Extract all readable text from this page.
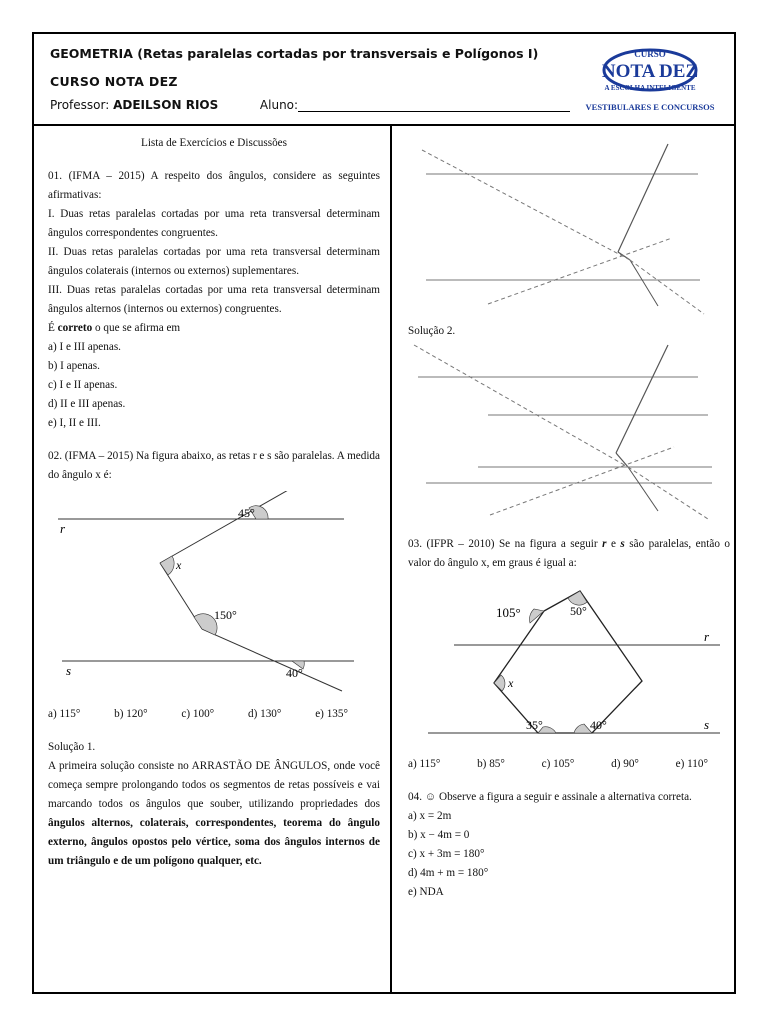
GEOMETRIA (Retas paralelas cortadas por transversais e Polígonos I)
CURSO NOTA DEZ
Professor: ADEILSON RIOS	Aluno:
CURSO
NOTA DEZ
A ESCOLHA INTELIGENTE
VESTIBULARES E CONCURSOS

Lista de Exercícios e Discussões

01. (IFMA – 2015) A respeito dos ângulos, considere as seguintes afirmativas:

I. Duas retas paralelas cortadas por uma reta transversal determinam ângulos correspondentes congruentes.

II. Duas retas paralelas cortadas por uma reta transversal determinam ângulos colaterais (internos ou externos) suplementares.

III. Duas retas paralelas cortadas por uma reta transversal determinam ângulos alternos (internos ou externos) congruentes.

É correto o que se afirma em

a) I e III apenas.

b) I apenas.

c) I e II apenas.

d) II e III apenas.

e) I, II e III.

02. (IFMA – 2015) Na figura abaixo, as retas r e s são paralelas. A medida do ângulo x é:

r
s
45°
x
150°
40°
a) 115°	b) 120°	c) 100°	d) 130°	e) 135°

Solução 1.

A primeira solução consiste no ARRASTÃO DE ÂNGULOS, onde você começa sempre prolongando todos os segmentos de retas possíveis e vai marcando todos os ângulos que souber, utilizando propriedades dos ângulos alternos, colaterais, correspondentes, teorema do ângulo externo, ângulos opostos pelo vértice, soma dos ângulos internos de um triângulo e de um polígono qualquer, etc.

Solução 2.

03. (IFPR – 2010) Se na figura a seguir r e s são paralelas, então o valor do ângulo x, em graus é igual a:

105°	50°
r
x
35°	40°	s
a) 115°	b) 85°	c) 105°	d) 90°	e) 110°

04. ☺ Observe a figura a seguir e assinale a alternativa correta.

a) x = 2m

b) x − 4m = 0

c) x + 3m = 180°

d) 4m + m = 180°

e) NDA
